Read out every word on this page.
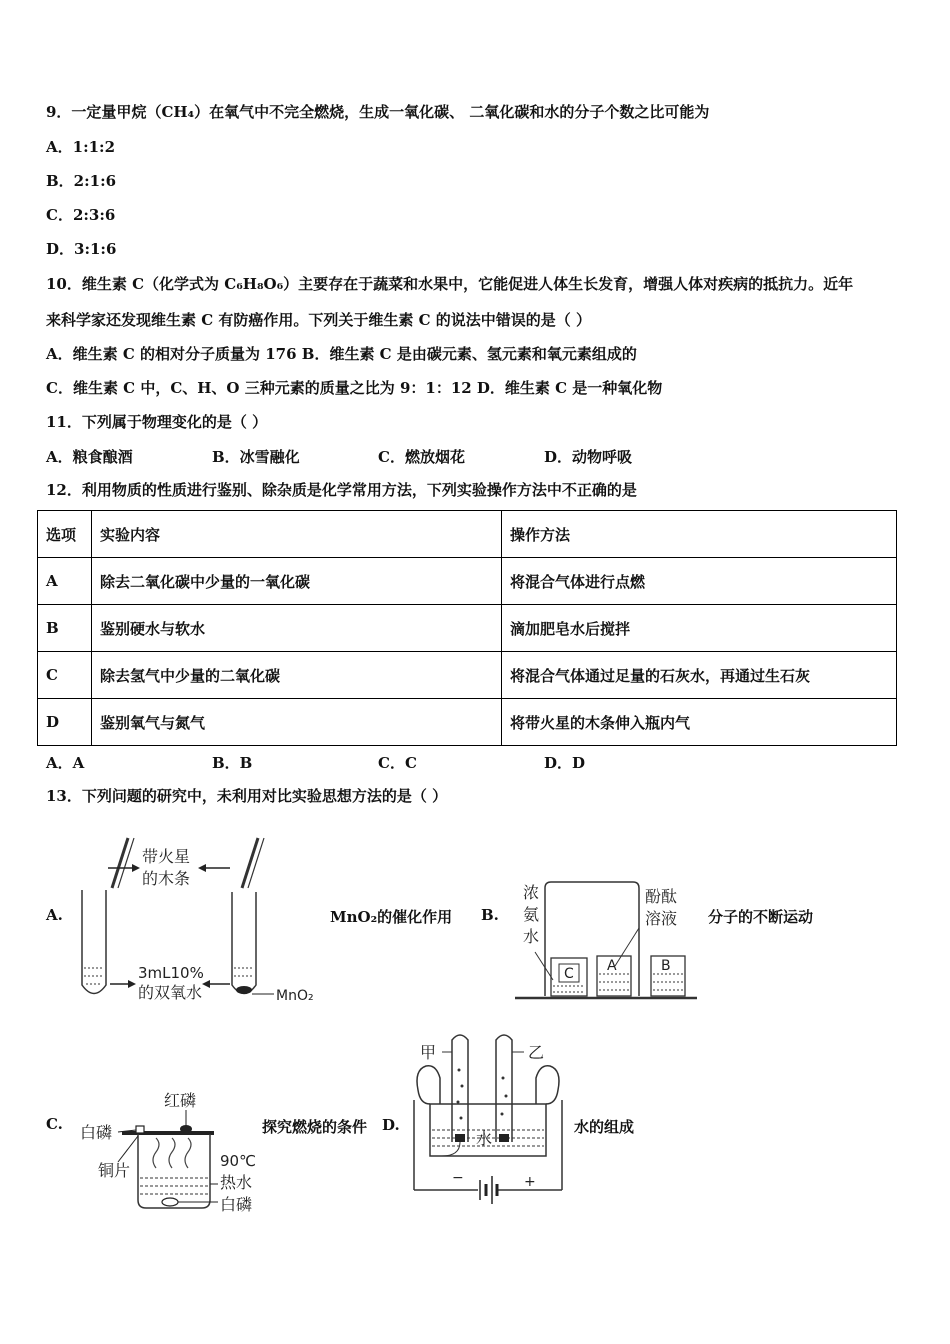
9．一定量甲烷（CH₄）在氧气中不完全燃烧，生成一氧化碳、 二氧化碳和水的分子个数之比可能为
A．1:1:2
B．2:1:6
C．2:3:6
D．3:1:6
10．维生素 C（化学式为 C₆H₈O₆）主要存在于蔬菜和水果中，它能促进人体生长发育，增强人体对疾病的抵抗力。近年
来科学家还发现维生素 C 有防癌作用。下列关于维生素 C 的说法中错误的是（ ）
A．维生素 C 的相对分子质量为 176 B．维生素 C 是由碳元素、氢元素和氧元素组成的
C．维生素 C 中，C、H、O 三种元素的质量之比为 9：1：12 D．维生素 C 是一种氧化物
11．下列属于物理变化的是（ ）
A．粮食酿酒	B．冰雪融化	C．燃放烟花	D．动物呼吸
12．利用物质的性质进行鉴别、除杂质是化学常用方法，下列实验操作方法中不正确的是
选项	实验内容	操作方法
A	除去二氧化碳中少量的一氧化碳	将混合气体进行点燃
B	鉴别硬水与软水	滴加肥皂水后搅拌
C	除去氢气中少量的二氧化碳	将混合气体通过足量的石灰水，再通过生石灰
D	鉴别氧气与氮气	将带火星的木条伸入瓶内气
A．A	B．B	C．C	D．D
13．下列问题的研究中，未利用对比实验思想方法的是（ ）
A.
带火星
的木条
3mL10%
的双氧水	MnO₂
MnO₂的催化作用 B.
浓
氨
水
酚酞
溶液
C A	B
分子的不断运动
C.
红磷
白磷
铜片	90℃
热水
白磷
探究燃烧的条件 D.
甲	乙
水
−	+
水的组成
